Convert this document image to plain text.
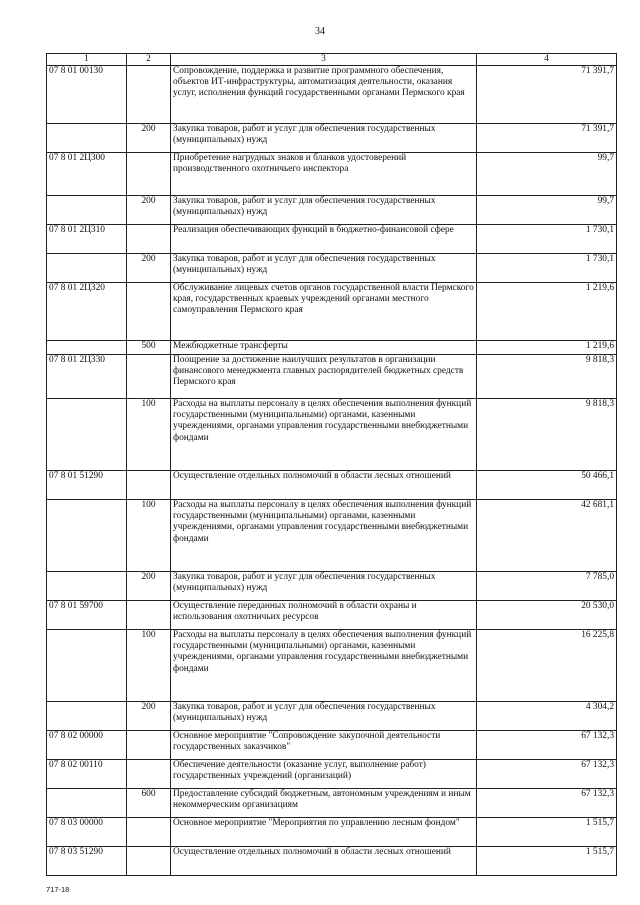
34
1	2	3	4
07 8 01 00130		Сопровождение, поддержка и развитие программного обеспечения, объектов ИТ-инфраструктуры, автоматизация деятельности, оказания услуг, исполнения функций государственными органами Пермского края	71 391,7
	200	Закупка товаров, работ и услуг для обеспечения государственных (муниципальных) нужд	71 391,7
07 8 01 2Ц300		Приобретение нагрудных знаков и бланков удостоверений производственного охотничьего инспектора	99,7
	200	Закупка товаров, работ и услуг для обеспечения государственных (муниципальных) нужд	99,7
07 8 01 2Ц310		Реализация обеспечивающих функций в бюджетно-финансовой сфере	1 730,1
	200	Закупка товаров, работ и услуг для обеспечения государственных (муниципальных) нужд	1 730,1
07 8 01 2Ц320		Обслуживание лицевых счетов органов государственной власти Пермского края, государственных краевых учреждений органами местного самоуправления Пермского края	1 219,6
	500	Межбюджетные трансферты	1 219,6
07 8 01 2Ц330		Поощрение за достижение наилучших результатов в организации финансового менеджмента главных распорядителей бюджетных средств Пермского края	9 818,3
	100	Расходы на выплаты персоналу в целях обеспечения выполнения функций государственными (муниципальными) органами, казенными учреждениями, органами управления государственными внебюджетными фондами	9 818,3
07 8 01 51290		Осуществление отдельных полномочий в области лесных отношений	50 466,1
	100	Расходы на выплаты персоналу в целях обеспечения выполнения функций государственными (муниципальными) органами, казенными учреждениями, органами управления государственными внебюджетными фондами	42 681,1
	200	Закупка товаров, работ и услуг для обеспечения государственных (муниципальных) нужд	7 785,0
07 8 01 59700		Осуществление переданных полномочий в области охраны и использования охотничьих ресурсов	20 530,0
	100	Расходы на выплаты персоналу в целях обеспечения выполнения функций государственными (муниципальными) органами, казенными учреждениями, органами управления государственными внебюджетными фондами	16 225,8
	200	Закупка товаров, работ и услуг для обеспечения государственных (муниципальных) нужд	4 304,2
07 8 02 00000		Основное мероприятие "Сопровождение закупочной деятельности государственных заказчиков"	67 132,3
07 8 02 00110		Обеспечение деятельности (оказание услуг, выполнение работ) государственных учреждений (организаций)	67 132,3
	600	Предоставление субсидий бюджетным, автономным учреждениям и иным некоммерческим организациям	67 132,3
07 8 03 00000		Основное мероприятие "Мероприятия по управлению лесным фондом"	1 515,7
07 8 03 51290		Осуществление отдельных полномочий в области лесных отношений	1 515,7
717-18
